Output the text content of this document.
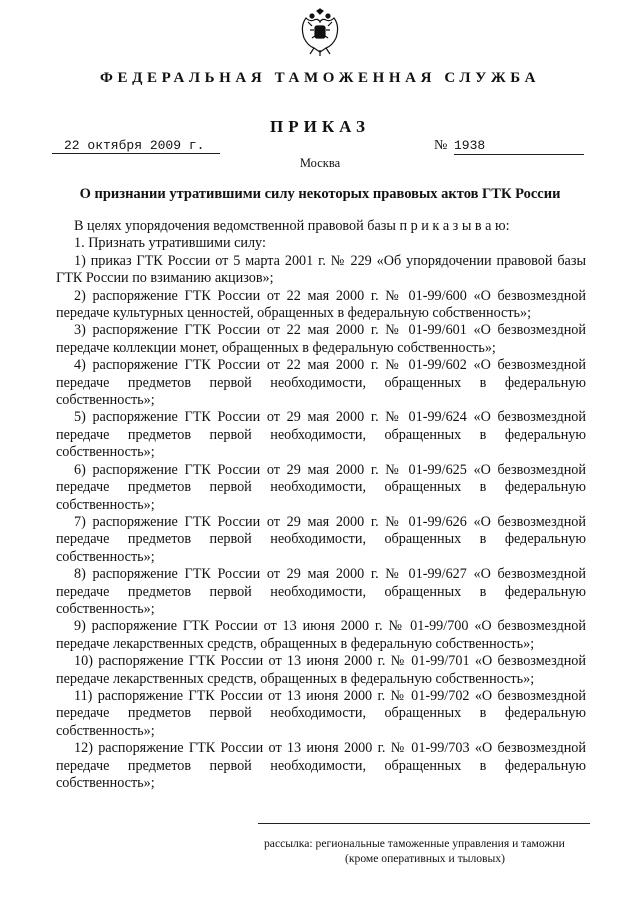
ФЕДЕРАЛЬНАЯ ТАМОЖЕННАЯ СЛУЖБА
ПРИКАЗ
22 октября 2009 г.	№ 1938
Москва
О признании утратившими силу некоторых правовых актов ГТК России

В целях упорядочения ведомственной правовой базы п р и к а з ы в а ю:

1. Признать утратившими силу:

1) приказ ГТК России от 5 марта 2001 г. № 229 «Об упорядочении правовой базы ГТК России по взиманию акцизов»;

2) распоряжение ГТК России от 22 мая 2000 г. № 01-99/600 «О безвозмездной передаче культурных ценностей, обращенных в федеральную собственность»;

3) распоряжение ГТК России от 22 мая 2000 г. № 01-99/601 «О безвозмездной передаче коллекции монет, обращенных в федеральную собственность»;

4) распоряжение ГТК России от 22 мая 2000 г. № 01-99/602 «О безвозмездной передаче предметов первой необходимости, обращенных в федеральную собственность»;

5) распоряжение ГТК России от 29 мая 2000 г. № 01-99/624 «О безвозмездной передаче предметов первой необходимости, обращенных в федеральную собственность»;

6) распоряжение ГТК России от 29 мая 2000 г. № 01-99/625 «О безвозмездной передаче предметов первой необходимости, обращенных в федеральную собственность»;

7) распоряжение ГТК России от 29 мая 2000 г. № 01-99/626 «О безвозмездной передаче предметов первой необходимости, обращенных в федеральную собственность»;

8) распоряжение ГТК России от 29 мая 2000 г. № 01-99/627 «О безвозмездной передаче предметов первой необходимости, обращенных в федеральную собственность»;

9) распоряжение ГТК России от 13 июня 2000 г. № 01-99/700 «О безвозмездной передаче лекарственных средств, обращенных в федеральную собственность»;

10) распоряжение ГТК России от 13 июня 2000 г. № 01-99/701 «О безвозмездной передаче лекарственных средств, обращенных в федеральную собственность»;

11) распоряжение ГТК России от 13 июня 2000 г. № 01-99/702 «О безвозмездной передаче предметов первой необходимости, обращенных в федеральную собственность»;

12) распоряжение ГТК России от 13 июня 2000 г. № 01-99/703 «О безвозмездной передаче предметов первой необходимости, обращенных в федеральную собственность»;

рассылка: региональные таможенные управления и таможни
(кроме оперативных и тыловых)
